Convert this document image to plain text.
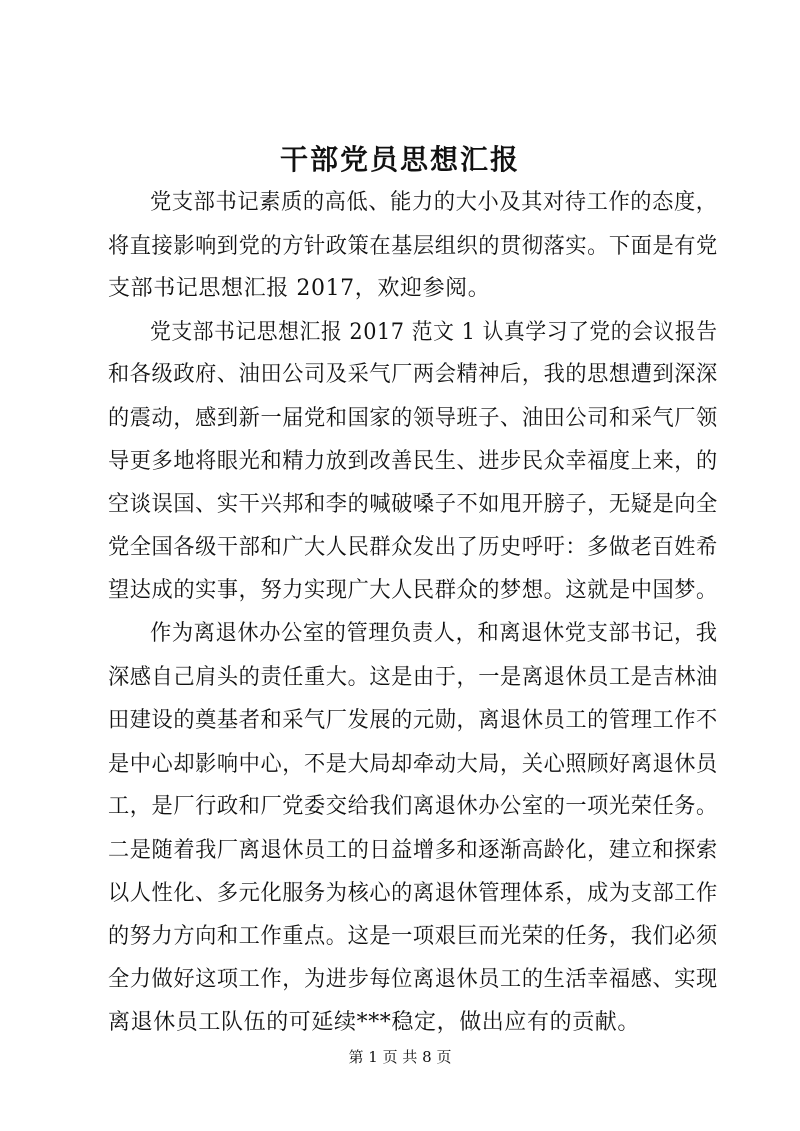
干部党员思想汇报
党支部书记素质的高低、能力的大小及其对待工作的态度，
将直接影响到党的方针政策在基层组织的贯彻落实。下面是有党
支部书记思想汇报 2017，欢迎参阅。
党支部书记思想汇报 2017 范文 1 认真学习了党的会议报告
和各级政府、油田公司及采气厂两会精神后，我的思想遭到深深
的震动，感到新一届党和国家的领导班子、油田公司和采气厂领
导更多地将眼光和精力放到改善民生、进步民众幸福度上来，的
空谈误国、实干兴邦和李的喊破嗓子不如甩开膀子，无疑是向全
党全国各级干部和广大人民群众发出了历史呼吁：多做老百姓希
望达成的实事，努力实现广大人民群众的梦想。这就是中国梦。
作为离退休办公室的管理负责人，和离退休党支部书记，我
深感自己肩头的责任重大。这是由于，一是离退休员工是吉林油
田建设的奠基者和采气厂发展的元勋，离退休员工的管理工作不
是中心却影响中心，不是大局却牵动大局，关心照顾好离退休员
工，是厂行政和厂党委交给我们离退休办公室的一项光荣任务。
二是随着我厂离退休员工的日益增多和逐渐高龄化，建立和探索
以人性化、多元化服务为核心的离退休管理体系，成为支部工作
的努力方向和工作重点。这是一项艰巨而光荣的任务，我们必须
全力做好这项工作，为进步每位离退休员工的生活幸福感、实现
离退休员工队伍的可延续***稳定，做出应有的贡献。
第 1 页 共 8 页
